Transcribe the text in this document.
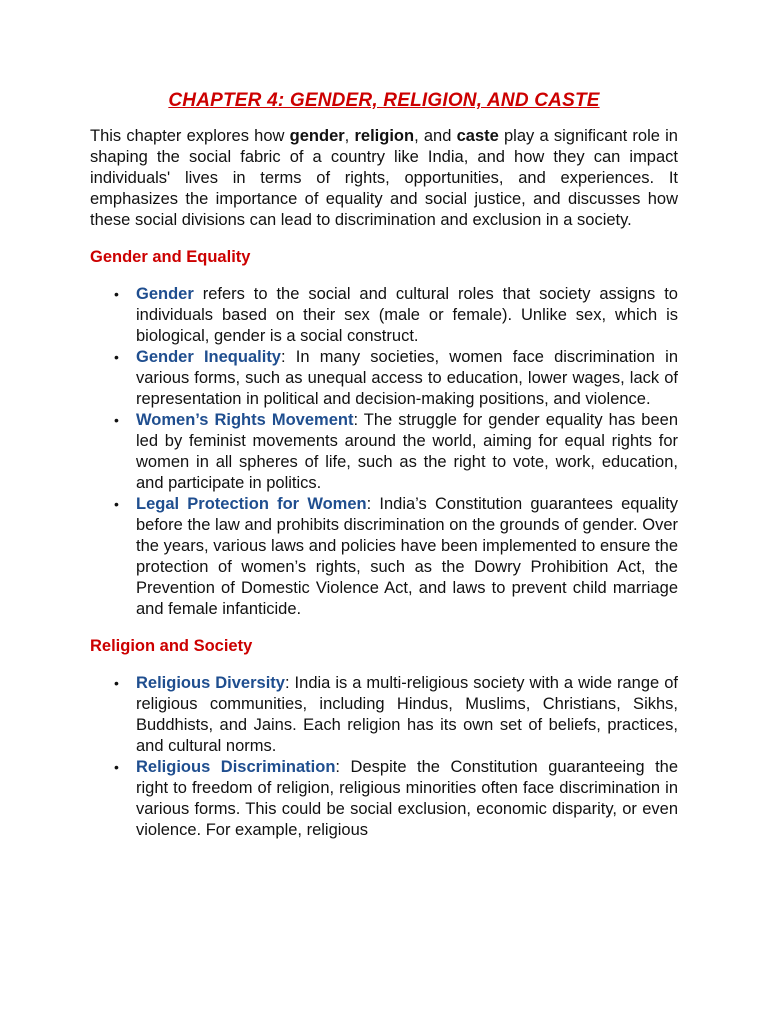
CHAPTER 4: GENDER, RELIGION, AND CASTE

This chapter explores how gender, religion, and caste play a significant role in shaping the social fabric of a country like India, and how they can impact individuals' lives in terms of rights, opportunities, and experiences. It emphasizes the importance of equality and social justice, and discusses how these social divisions can lead to discrimination and exclusion in a society.

Gender and Equality
• Gender refers to the social and cultural roles that society assigns to individuals based on their sex (male or female). Unlike sex, which is biological, gender is a social construct.
• Gender Inequality: In many societies, women face discrimination in various forms, such as unequal access to education, lower wages, lack of representation in political and decision-making positions, and violence.
• Women’s Rights Movement: The struggle for gender equality has been led by feminist movements around the world, aiming for equal rights for women in all spheres of life, such as the right to vote, work, education, and participate in politics.
• Legal Protection for Women: India’s Constitution guarantees equality before the law and prohibits discrimination on the grounds of gender. Over the years, various laws and policies have been implemented to ensure the protection of women’s rights, such as the Dowry Prohibition Act, the Prevention of Domestic Violence Act, and laws to prevent child marriage and female infanticide.
Religion and Society
• Religious Diversity: India is a multi-religious society with a wide range of religious communities, including Hindus, Muslims, Christians, Sikhs, Buddhists, and Jains. Each religion has its own set of beliefs, practices, and cultural norms.
• Religious Discrimination: Despite the Constitution guaranteeing the right to freedom of religion, religious minorities often face discrimination in various forms. This could be social exclusion, economic disparity, or even violence. For example, religious
